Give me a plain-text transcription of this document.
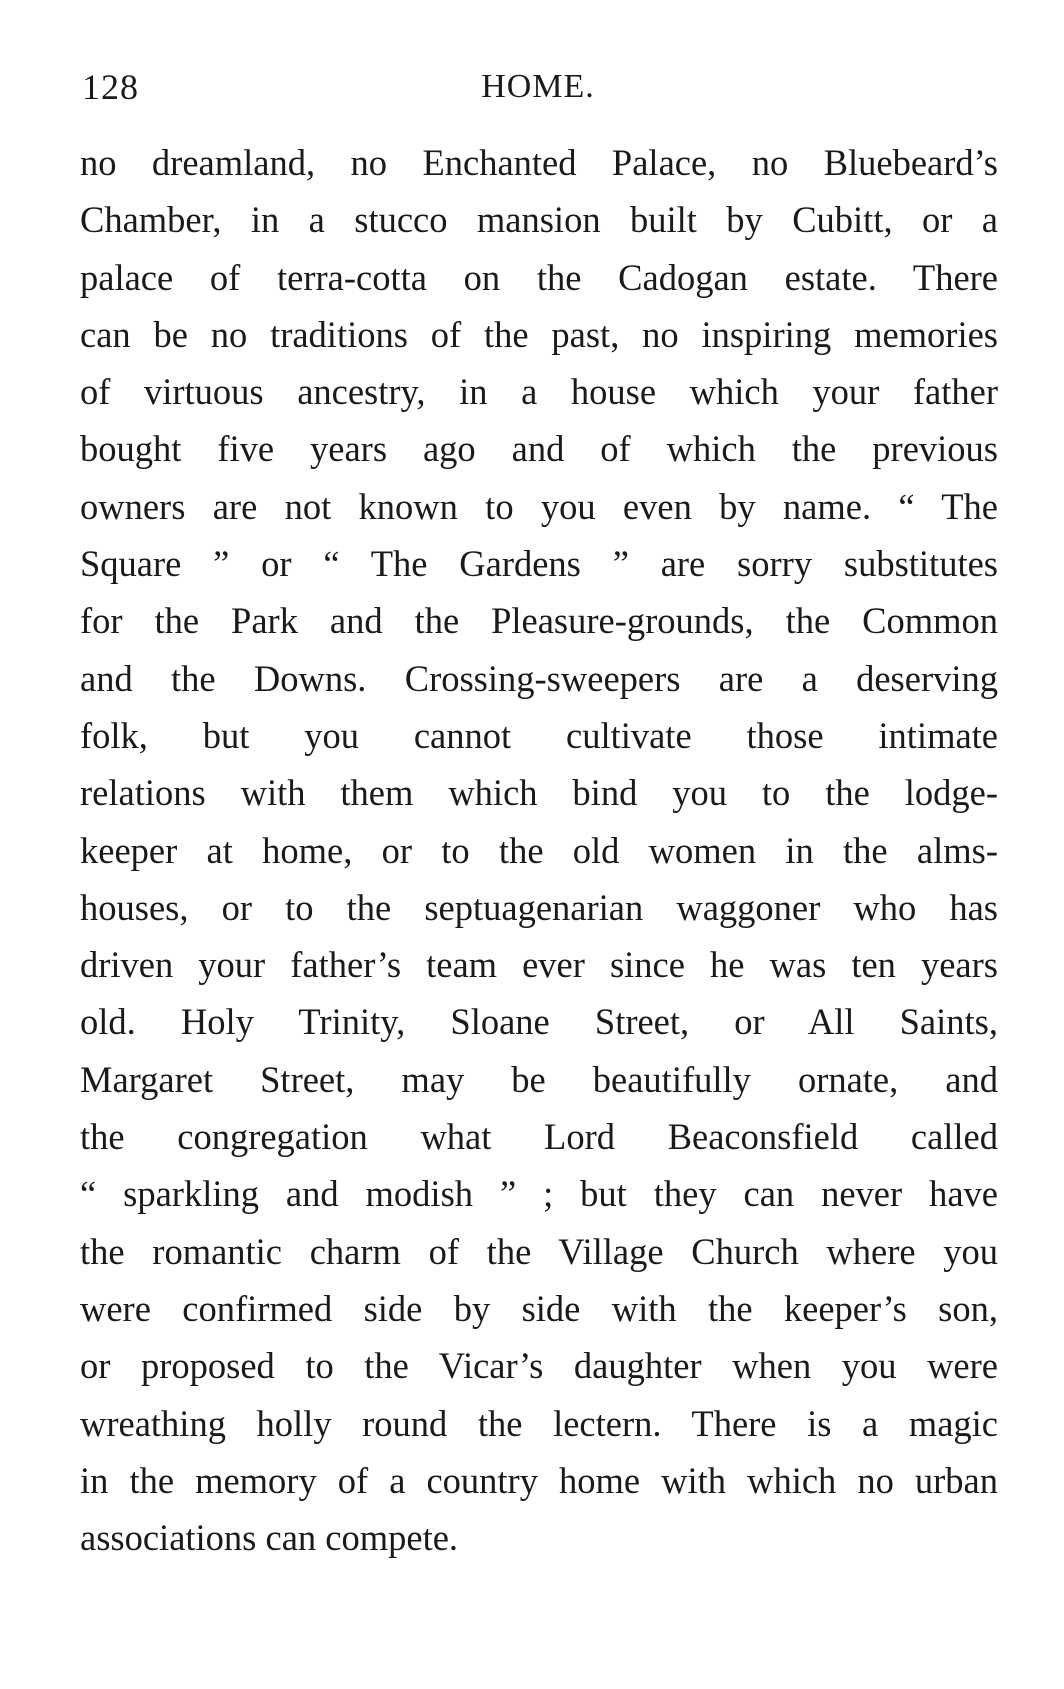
128	HOME.
no dreamland, no Enchanted Palace, no Bluebeard’s
Chamber, in a stucco mansion built by Cubitt, or a
palace of terra-cotta on the Cadogan estate. There
can be no traditions of the past, no inspiring memories
of virtuous ancestry, in a house which your father
bought five years ago and of which the previous
owners are not known to you even by name. “ The
Square ” or “ The Gardens ” are sorry substitutes
for the Park and the Pleasure-grounds, the Common
and the Downs. Crossing-sweepers are a deserving
folk, but you cannot cultivate those intimate
relations with them which bind you to the lodge-
keeper at home, or to the old women in the alms-
houses, or to the septuagenarian waggoner who has
driven your father’s team ever since he was ten years
old. Holy Trinity, Sloane Street, or All Saints,
Margaret Street, may be beautifully ornate, and
the congregation what Lord Beaconsfield called
“ sparkling and modish ” ; but they can never have
the romantic charm of the Village Church where you
were confirmed side by side with the keeper’s son,
or proposed to the Vicar’s daughter when you were
wreathing holly round the lectern. There is a magic
in the memory of a country home with which no urban
associations can compete.
